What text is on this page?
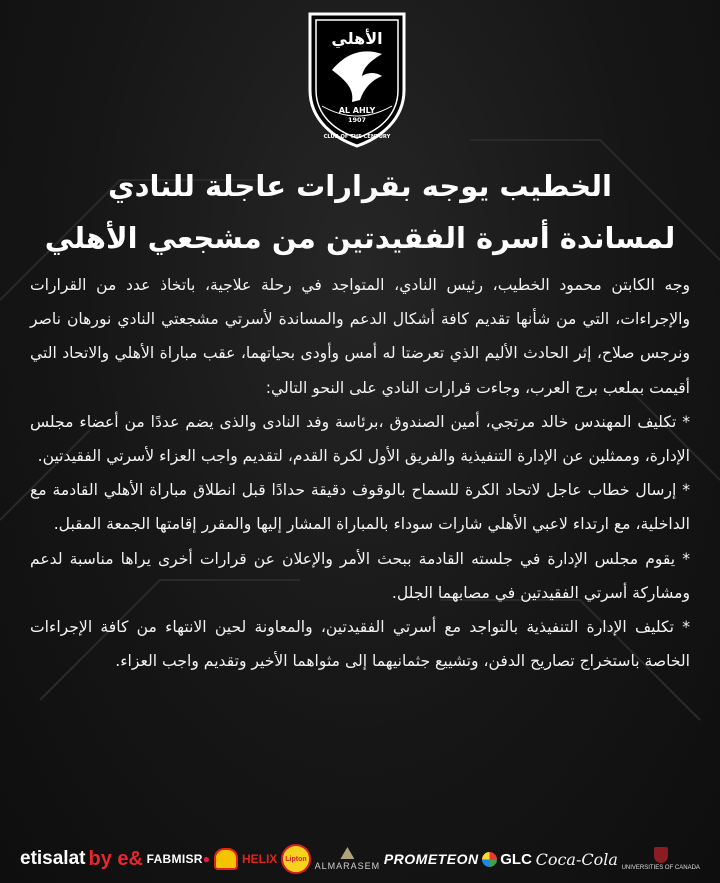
الأهلي
AL AHLY
1907
CLUB OF THE CENTURY
الخطيب يوجه بقرارات عاجلة للنادي
لمساندة أسرة الفقيدتين من مشجعي الأهلي

وجه الكابتن محمود الخطيب، رئيس النادي، المتواجد في رحلة علاجية، باتخاذ عدد من القرارات والإجراءات، التي من شأنها تقديم كافة أشكال الدعم والمساندة لأسرتي مشجعتي النادي نورهان ناصر ونرجس صلاح، إثر الحادث الأليم الذي تعرضتا له أمس وأودى بحياتهما، عقب مباراة الأهلي والاتحاد التي أقيمت بملعب برج العرب، وجاءت قرارات النادي على النحو التالي:

* تكليف المهندس خالد مرتجي، أمين الصندوق ،برئاسة وفد النادى والذى يضم عددًا من أعضاء مجلس الإدارة، وممثلين عن الإدارة التنفيذية والفريق الأول لكرة القدم، لتقديم واجب العزاء لأسرتي الفقيدتين.

* إرسال خطاب عاجل لاتحاد الكرة للسماح بالوقوف دقيقة حدادًا قبل انطلاق مباراة الأهلي القادمة مع الداخلية، مع ارتداء لاعبي الأهلي شارات سوداء بالمباراة المشار إليها والمقرر إقامتها الجمعة المقبل.

* يقوم مجلس الإدارة في جلسته القادمة ببحث الأمر والإعلان عن قرارات أخرى يراها مناسبة لدعم ومشاركة أسرتي الفقيدتين في مصابهما الجلل.

* تكليف الإدارة التنفيذية بالتواجد مع أسرتي الفقيدتين، والمعاونة لحين الانتهاء من كافة الإجراءات الخاصة باستخراج تصاريح الدفن، وتشييع جثمانيهما إلى مثواهما الأخير وتقديم واجب العزاء.

etisalat by e& FABMISR ●	HELIX	Lipton
ALMARASEM PROMETEON GLC Coca-Cola UNIVERSITIES OF CANADA
